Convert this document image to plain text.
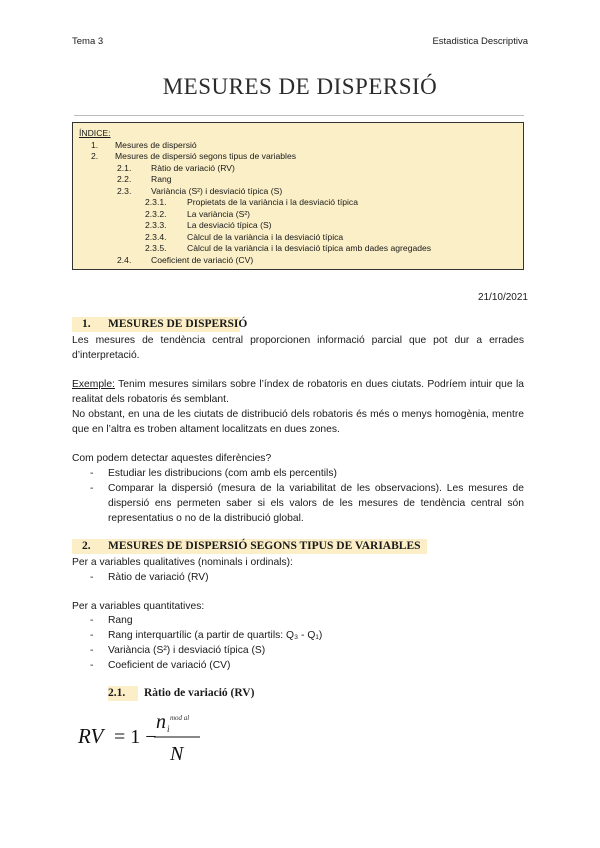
Tema 3	Estadistica Descriptiva
MESURES DE DISPERSIÓ
ÍNDICE:
1. Mesures de dispersió
2. Mesures de dispersió segons tipus de variables
2.1. Ràtio de variació (RV)
2.2. Rang
2.3. Variància (S²) i desviació típica (S)
2.3.1. Propietats de la variància i la desviació típica
2.3.2. La variància (S²)
2.3.3. La desviació típica (S)
2.3.4. Càlcul de la variància i la desviació típica
2.3.5. Càlcul de la variància i la desviació típica amb dades agregades
2.4. Coeficient de variació (CV)
21/10/2021
1. MESURES DE DISPERSIÓ
Les mesures de tendència central proporcionen informació parcial que pot dur a errades d’interpretació.
Exemple: Tenim mesures similars sobre l’índex de robatoris en dues ciutats. Podríem intuir que la realitat dels robatoris és semblant.
No obstant, en una de les ciutats de distribució dels robatoris és més o menys homogènia, mentre que en l’altra es troben altament localitzats en dues zones.
Com podem detectar aquestes diferències?
- Estudiar les distribucions (com amb els percentils)
- Comparar la dispersió (mesura de la variabilitat de les observacions). Les mesures de dispersió ens permeten saber si els valors de les mesures de tendència central són representatius o no de la distribució global.
2. MESURES DE DISPERSIÓ SEGONS TIPUS DE VARIABLES
Per a variables qualitatives (nominals i ordinals):
- Ràtio de variació (RV)
Per a variables quantitatives:
- Rang
- Rang interquartílic (a partir de quartils: Q₃ - Q₁)
- Variància (S²) i desviació típica (S)
- Coeficient de variació (CV)
2.1. Ràtio de variació (RV)
RV = 1 −
n i
mod al
N
